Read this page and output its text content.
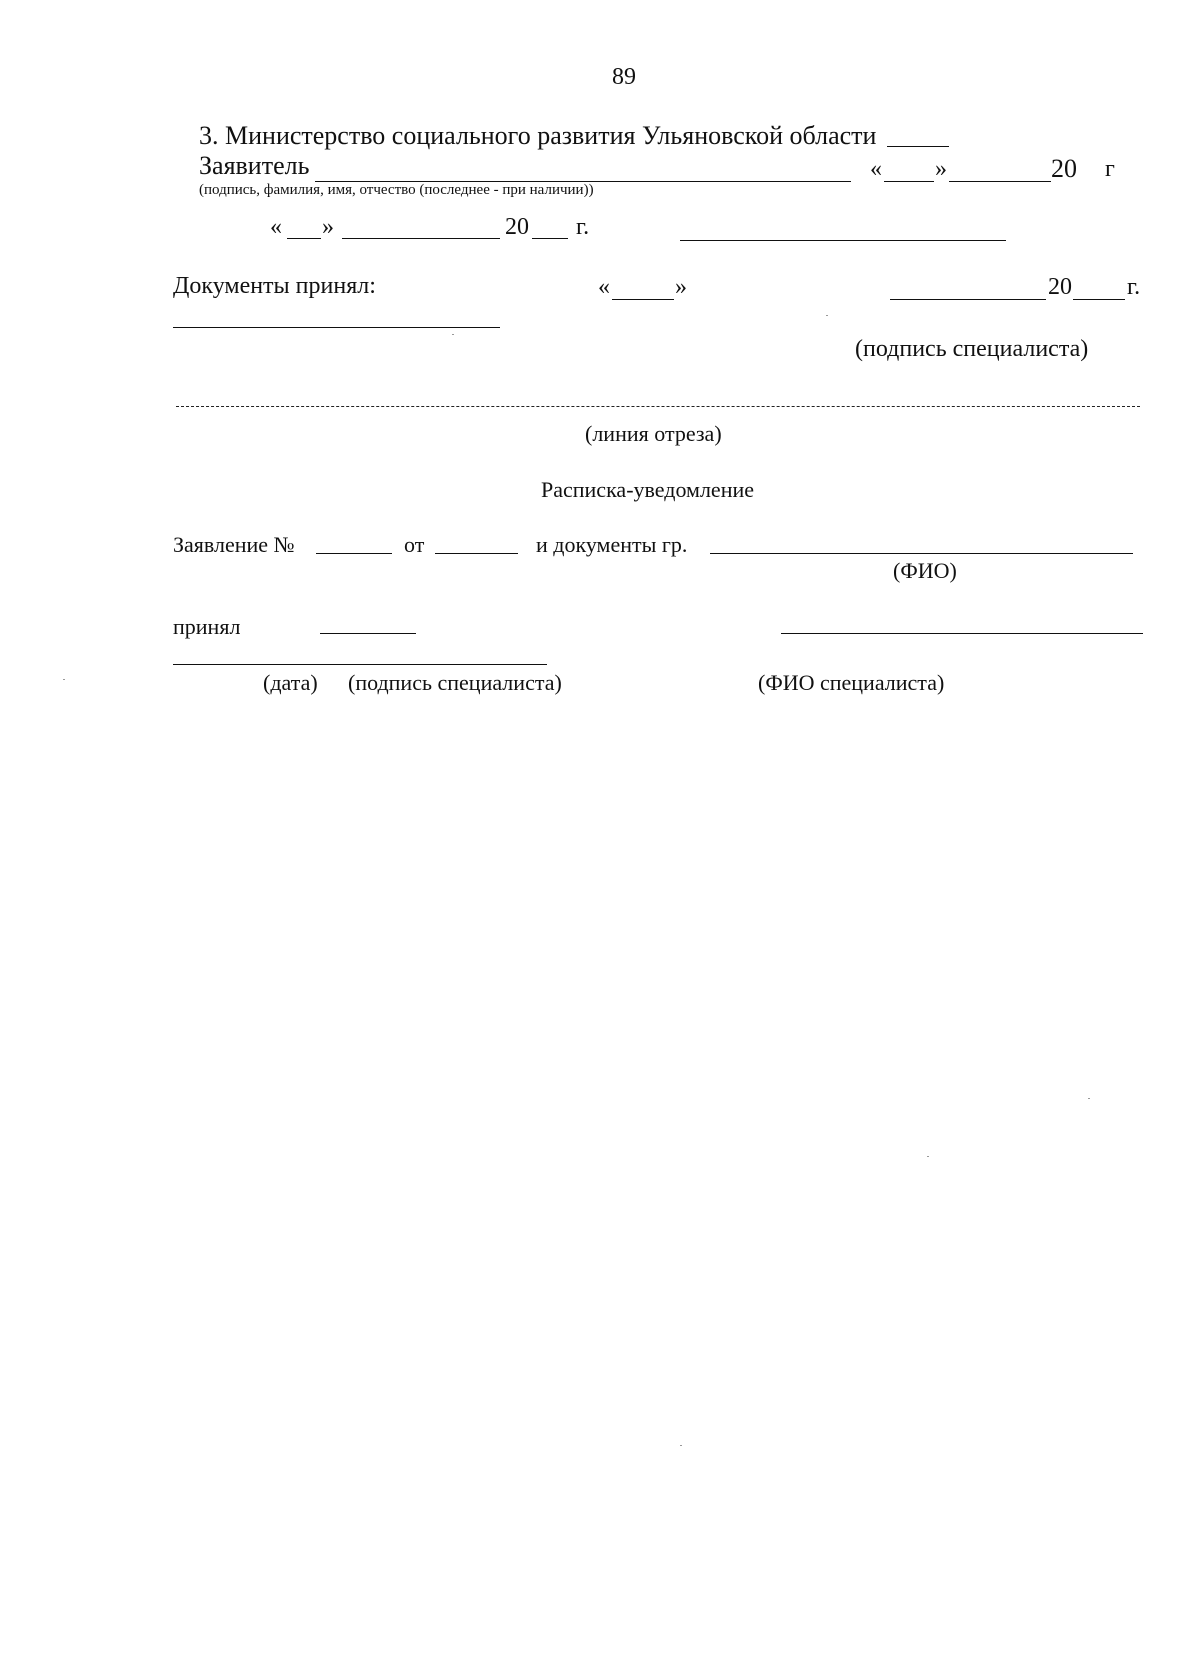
89
3. Министерство социального развития Ульяновской области
Заявитель	« »	20 г
(подпись, фамилия, имя, отчество (последнее - при наличии))
« »	20 г.
Документы принял:	«	»	20 г.
(подпись специалиста)
(линия отреза)
Расписка-уведомление
Заявление №	от	и документы гр.
(ФИО)
принял
(дата) (подпись специалиста)	(ФИО специалиста)
